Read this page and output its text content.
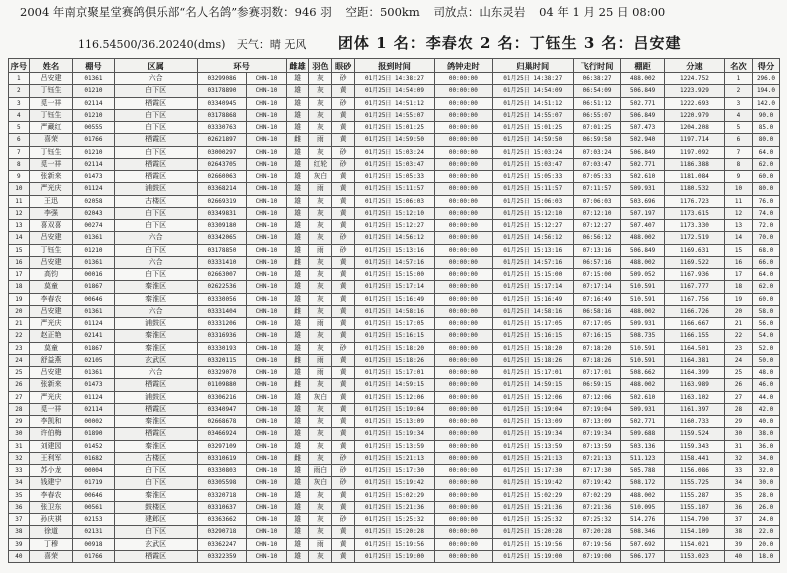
2004 年南京聚星堂赛鸽俱乐部“名人名鸽”参赛羽数：946 羽 空距：500km 司放点：山东灵岩 04 年 1 月 25 日 08:00
116.54500/36.20240(dms) 天气：晴 无风 团体 1 名：李春农 2 名：丁钰生 3 名：吕安建
序号	姓名	棚号	区属	环号		雌雄	羽色	眼砂	报到时间	鸽钟走时	归巢时间	飞行时间	棚距	分速	名次	得分
1	吕安建	01361	六合	03299086	CHN-10	雄	灰	砂	01月25日 14:38:27	00:00:00	01月25日 14:38:27	06:38:27	488.002	1224.752	1	296.0
2	丁钰生	01210	白下区	03178890	CHN-10	雄	灰	黄	01月25日 14:54:09	00:00:00	01月25日 14:54:09	06:54:09	506.849	1223.929	2	194.0
3	觅一祥	02114	栖霞区	03340945	CHN-10	雄	灰	砂	01月25日 14:51:12	00:00:00	01月25日 14:51:12	06:51:12	502.771	1222.693	3	142.0
4	丁钰生	01210	白下区	03178868	CHN-10	雄	灰	黄	01月25日 14:55:07	00:00:00	01月25日 14:55:07	06:55:07	506.849	1220.979	4	90.0
5	严藏红	00555	白下区	03330763	CHN-10	雄	灰	黄	01月25日 15:01:25	00:00:00	01月25日 15:01:25	07:01:25	507.473	1204.208	5	85.0
6	喜荣	01766	栖霞区	02621897	CHN-10	雌	雨	黄	01月25日 14:59:50	00:00:00	01月25日 14:59:50	06:59:50	502.940	1197.714	6	80.0
7	丁钰生	01210	白下区	03000297	CHN-10	雄	灰	砂	01月25日 15:03:24	00:00:00	01月25日 15:03:24	07:03:24	506.849	1197.092	7	64.0
8	觅一祥	02114	栖霞区	02643705	CHN-10	雄	红轮	砂	01月25日 15:03:47	00:00:00	01月25日 15:03:47	07:03:47	502.771	1186.388	8	62.0
9	张新来	01473	栖霞区	02660063	CHN-10	雄	灰白	黄	01月25日 15:05:33	00:00:00	01月25日 15:05:33	07:05:33	502.610	1181.084	9	60.0
10	严光庆	01124	浦鼓区	03368214	CHN-10	雄	雨	黄	01月25日 15:11:57	00:00:00	01月25日 15:11:57	07:11:57	509.931	1180.532	10	80.0
11	王迅	02058	古楼区	02669319	CHN-10	雄	灰	黄	01月25日 15:06:03	00:00:00	01月25日 15:06:03	07:06:03	503.696	1176.723	11	76.0
12	李强	02043	白下区	03349831	CHN-10	雄	灰	黄	01月25日 15:12:10	00:00:00	01月25日 15:12:10	07:12:10	507.197	1173.615	12	74.0
13	喜双喜	00274	白下区	03309180	CHN-10	雄	灰	黄	01月25日 15:12:27	00:00:00	01月25日 15:12:27	07:12:27	507.407	1173.330	13	72.0
14	吕安建	01361	六合	03342065	CHN-10	雄	灰	砂	01月25日 14:56:12	00:00:00	01月25日 14:56:12	06:56:12	488.002	1172.519	14	70.0
15	丁钰生	01210	白下区	03178850	CHN-10	雄	雨	砂	01月25日 15:13:16	00:00:00	01月25日 15:13:16	07:13:16	506.849	1169.631	15	68.0
16	吕安建	01361	六合	03331410	CHN-10	雌	灰	黄	01月25日 14:57:16	00:00:00	01月25日 14:57:16	06:57:16	488.002	1169.522	16	66.0
17	高钧	00016	白下区	02663007	CHN-10	雄	灰	黄	01月25日 15:15:00	00:00:00	01月25日 15:15:00	07:15:00	509.052	1167.936	17	64.0
18	莫童	01867	秦淮区	02622536	CHN-10	雄	灰	黄	01月25日 15:17:14	00:00:00	01月25日 15:17:14	07:17:14	510.591	1167.777	18	62.0
19	李春农	00646	秦淮区	03330056	CHN-10	雄	灰	黄	01月25日 15:16:49	00:00:00	01月25日 15:16:49	07:16:49	510.591	1167.756	19	60.0
20	吕安建	01361	六合	03331404	CHN-10	雌	灰	黄	01月25日 14:58:16	00:00:00	01月25日 14:58:16	06:58:16	488.002	1166.726	20	58.0
21	严光庆	01124	浦鼓区	03331206	CHN-10	雄	雨	黄	01月25日 15:17:05	00:00:00	01月25日 15:17:05	07:17:05	509.931	1166.667	21	56.0
22	赵正艳	02141	秦淮区	03316936	CHN-10	雄	灰	黄	01月25日 15:16:15	00:00:00	01月25日 15:16:15	07:16:15	508.735	1166.155	22	54.0
23	莫童	01867	秦淮区	03330193	CHN-10	雄	灰	砂	01月25日 15:18:20	00:00:00	01月25日 15:18:20	07:18:20	510.591	1164.501	23	52.0
24	舒益燕	02105	玄武区	03320115	CHN-10	雌	雨	黄	01月25日 15:18:26	00:00:00	01月25日 15:18:26	07:18:26	510.591	1164.381	24	50.0
25	吕安建	01361	六合	03329070	CHN-10	雄	雨	黄	01月25日 15:17:01	00:00:00	01月25日 15:17:01	07:17:01	508.662	1164.399	25	48.0
26	张新来	01473	栖霞区	01109880	CHN-10	雌	灰	黄	01月25日 14:59:15	00:00:00	01月25日 14:59:15	06:59:15	488.002	1163.989	26	46.0
27	严光庆	01124	浦鼓区	03306216	CHN-10	雄	灰白	黄	01月25日 15:12:06	00:00:00	01月25日 15:12:06	07:12:06	502.610	1163.102	27	44.0
28	觅一祥	02114	栖霞区	03340947	CHN-10	雄	灰	黄	01月25日 15:19:04	00:00:00	01月25日 15:19:04	07:19:04	509.931	1161.397	28	42.0
29	李凯和	00002	秦淮区	02668678	CHN-10	雄	灰	黄	01月25日 15:13:09	00:00:00	01月25日 15:13:09	07:13:09	502.771	1160.733	29	40.0
30	许伯梅	01890	栖霞区	03466924	CHN-10	雄	灰	黄	01月25日 15:19:34	00:00:00	01月25日 15:19:34	07:19:34	509.688	1159.524	30	38.0
31	刘建园	01452	秦淮区	03297109	CHN-10	雄	灰	黄	01月25日 15:13:59	00:00:00	01月25日 15:13:59	07:13:59	503.136	1159.343	31	36.0
32	王利军	01682	古楼区	03310619	CHN-10	雌	灰	砂	01月25日 15:21:13	00:00:00	01月25日 15:21:13	07:21:13	511.123	1158.441	32	34.0
33	苏小龙	00004	白下区	03330803	CHN-10	雄	雨白	砂	01月25日 15:17:30	00:00:00	01月25日 15:17:30	07:17:30	505.788	1156.086	33	32.0
34	钱建宁	01719	白下区	03305598	CHN-10	雄	灰白	砂	01月25日 15:19:42	00:00:00	01月25日 15:19:42	07:19:42	508.172	1155.725	34	30.0
35	李春农	00646	秦淮区	03320718	CHN-10	雄	灰	黄	01月25日 15:02:29	00:00:00	01月25日 15:02:29	07:02:29	488.002	1155.287	35	28.0
36	张卫东	00561	鼓楼区	03310637	CHN-10	雄	灰	黄	01月25日 15:21:36	00:00:00	01月25日 15:21:36	07:21:36	510.095	1155.107	36	26.0
37	孙庆祺	02153	建邺区	03363662	CHN-10	雄	灰	砂	01月25日 15:25:32	00:00:00	01月25日 15:25:32	07:25:32	514.276	1154.790	37	24.0
38	徐道	02131	白下区	03290718	CHN-10	雄	灰	黄	01月25日 15:20:28	00:00:00	01月25日 15:20:28	07:20:28	508.346	1154.109	38	22.0
39	丁穆	00918	玄武区	03362247	CHN-10	雄	雨	黄	01月25日 15:19:56	00:00:00	01月25日 15:19:56	07:19:56	507.692	1154.021	39	20.0
40	喜荣	01766	栖霞区	03322359	CHN-10	雄	灰	黄	01月25日 15:19:00	00:00:00	01月25日 15:19:00	07:19:00	506.177	1153.023	40	18.0
